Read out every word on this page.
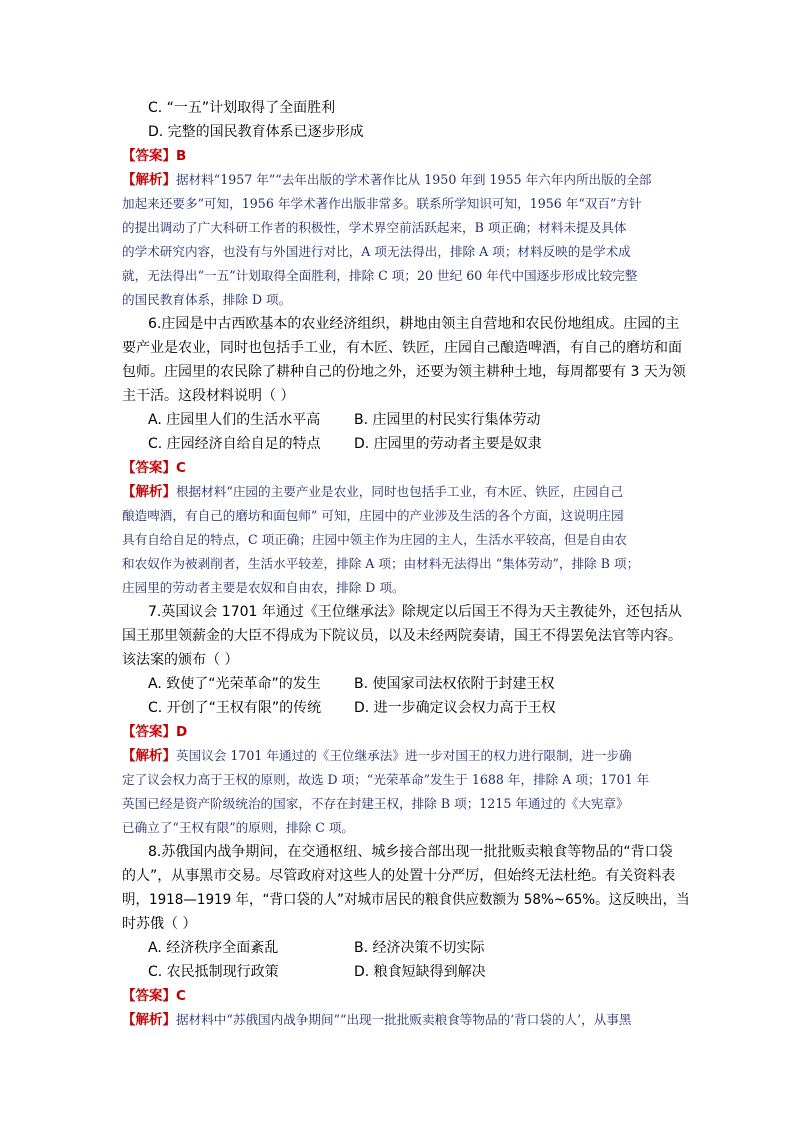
C. “一五”计划取得了全面胜利
D. 完整的国民教育体系已逐步形成
【答案】B
【解析】据材料“1957 年”“去年出版的学术著作比从 1950 年到 1955 年六年内所出版的全部
加起来还要多”可知，1956 年学术著作出版非常多。联系所学知识可知，1956 年“双百”方针
的提出调动了广大科研工作者的积极性，学术界空前活跃起来，B 项正确；材料未提及具体
的学术研究内容，也没有与外国进行对比，A 项无法得出，排除 A 项；材料反映的是学术成
就，无法得出“一五”计划取得全面胜利，排除 C 项；20 世纪 60 年代中国逐步形成比较完整
的国民教育体系，排除 D 项。
6.庄园是中古西欧基本的农业经济组织，耕地由领主自营地和农民份地组成。庄园的主
要产业是农业，同时也包括手工业，有木匠、铁匠，庄园自己酿造啤酒，有自己的磨坊和面
包师。庄园里的农民除了耕种自己的份地之外，还要为领主耕种土地，每周都要有 3 天为领
主干活。这段材料说明（ ）
A. 庄园里人们的生活水平高 B. 庄园里的村民实行集体劳动
C. 庄园经济自给自足的特点 D. 庄园里的劳动者主要是奴隶
【答案】C
【解析】根据材料“庄园的主要产业是农业，同时也包括手工业，有木匠、铁匠，庄园自己
酿造啤酒，有自己的磨坊和面包师” 可知，庄园中的产业涉及生活的各个方面，这说明庄园
具有自给自足的特点，C 项正确；庄园中领主作为庄园的主人，生活水平较高，但是自由农
和农奴作为被剥削者，生活水平较差，排除 A 项；由材料无法得出 “集体劳动”，排除 B 项；
庄园里的劳动者主要是农奴和自由农，排除 D 项。
7.英国议会 1701 年通过《王位继承法》除规定以后国王不得为天主教徒外，还包括从
国王那里领薪金的大臣不得成为下院议员，以及未经两院奏请，国王不得罢免法官等内容。
该法案的颁布（ ）
A. 致使了“光荣革命”的发生 B. 使国家司法权依附于封建王权
C. 开创了“王权有限”的传统 D. 进一步确定议会权力高于王权
【答案】D
【解析】英国议会 1701 年通过的《王位继承法》进一步对国王的权力进行限制，进一步确
定了议会权力高于王权的原则，故选 D 项；“光荣革命”发生于 1688 年，排除 A 项；1701 年
英国已经是资产阶级统治的国家，不存在封建王权，排除 B 项；1215 年通过的《大宪章》
已确立了“王权有限”的原则，排除 C 项。
8.苏俄国内战争期间，在交通枢纽、城乡接合部出现一批批贩卖粮食等物品的“背口袋
的人”，从事黑市交易。尽管政府对这些人的处置十分严厉，但始终无法杜绝。有关资料表
明，1918—1919 年，“背口袋的人”对城市居民的粮食供应数额为 58%~65%。这反映出，当
时苏俄（ ）
A. 经济秩序全面紊乱	B. 经济决策不切实际
C. 农民抵制现行政策	D. 粮食短缺得到解决
【答案】C
【解析】据材料中“苏俄国内战争期间”“出现一批批贩卖粮食等物品的‘背口袋的人’，从事黑
